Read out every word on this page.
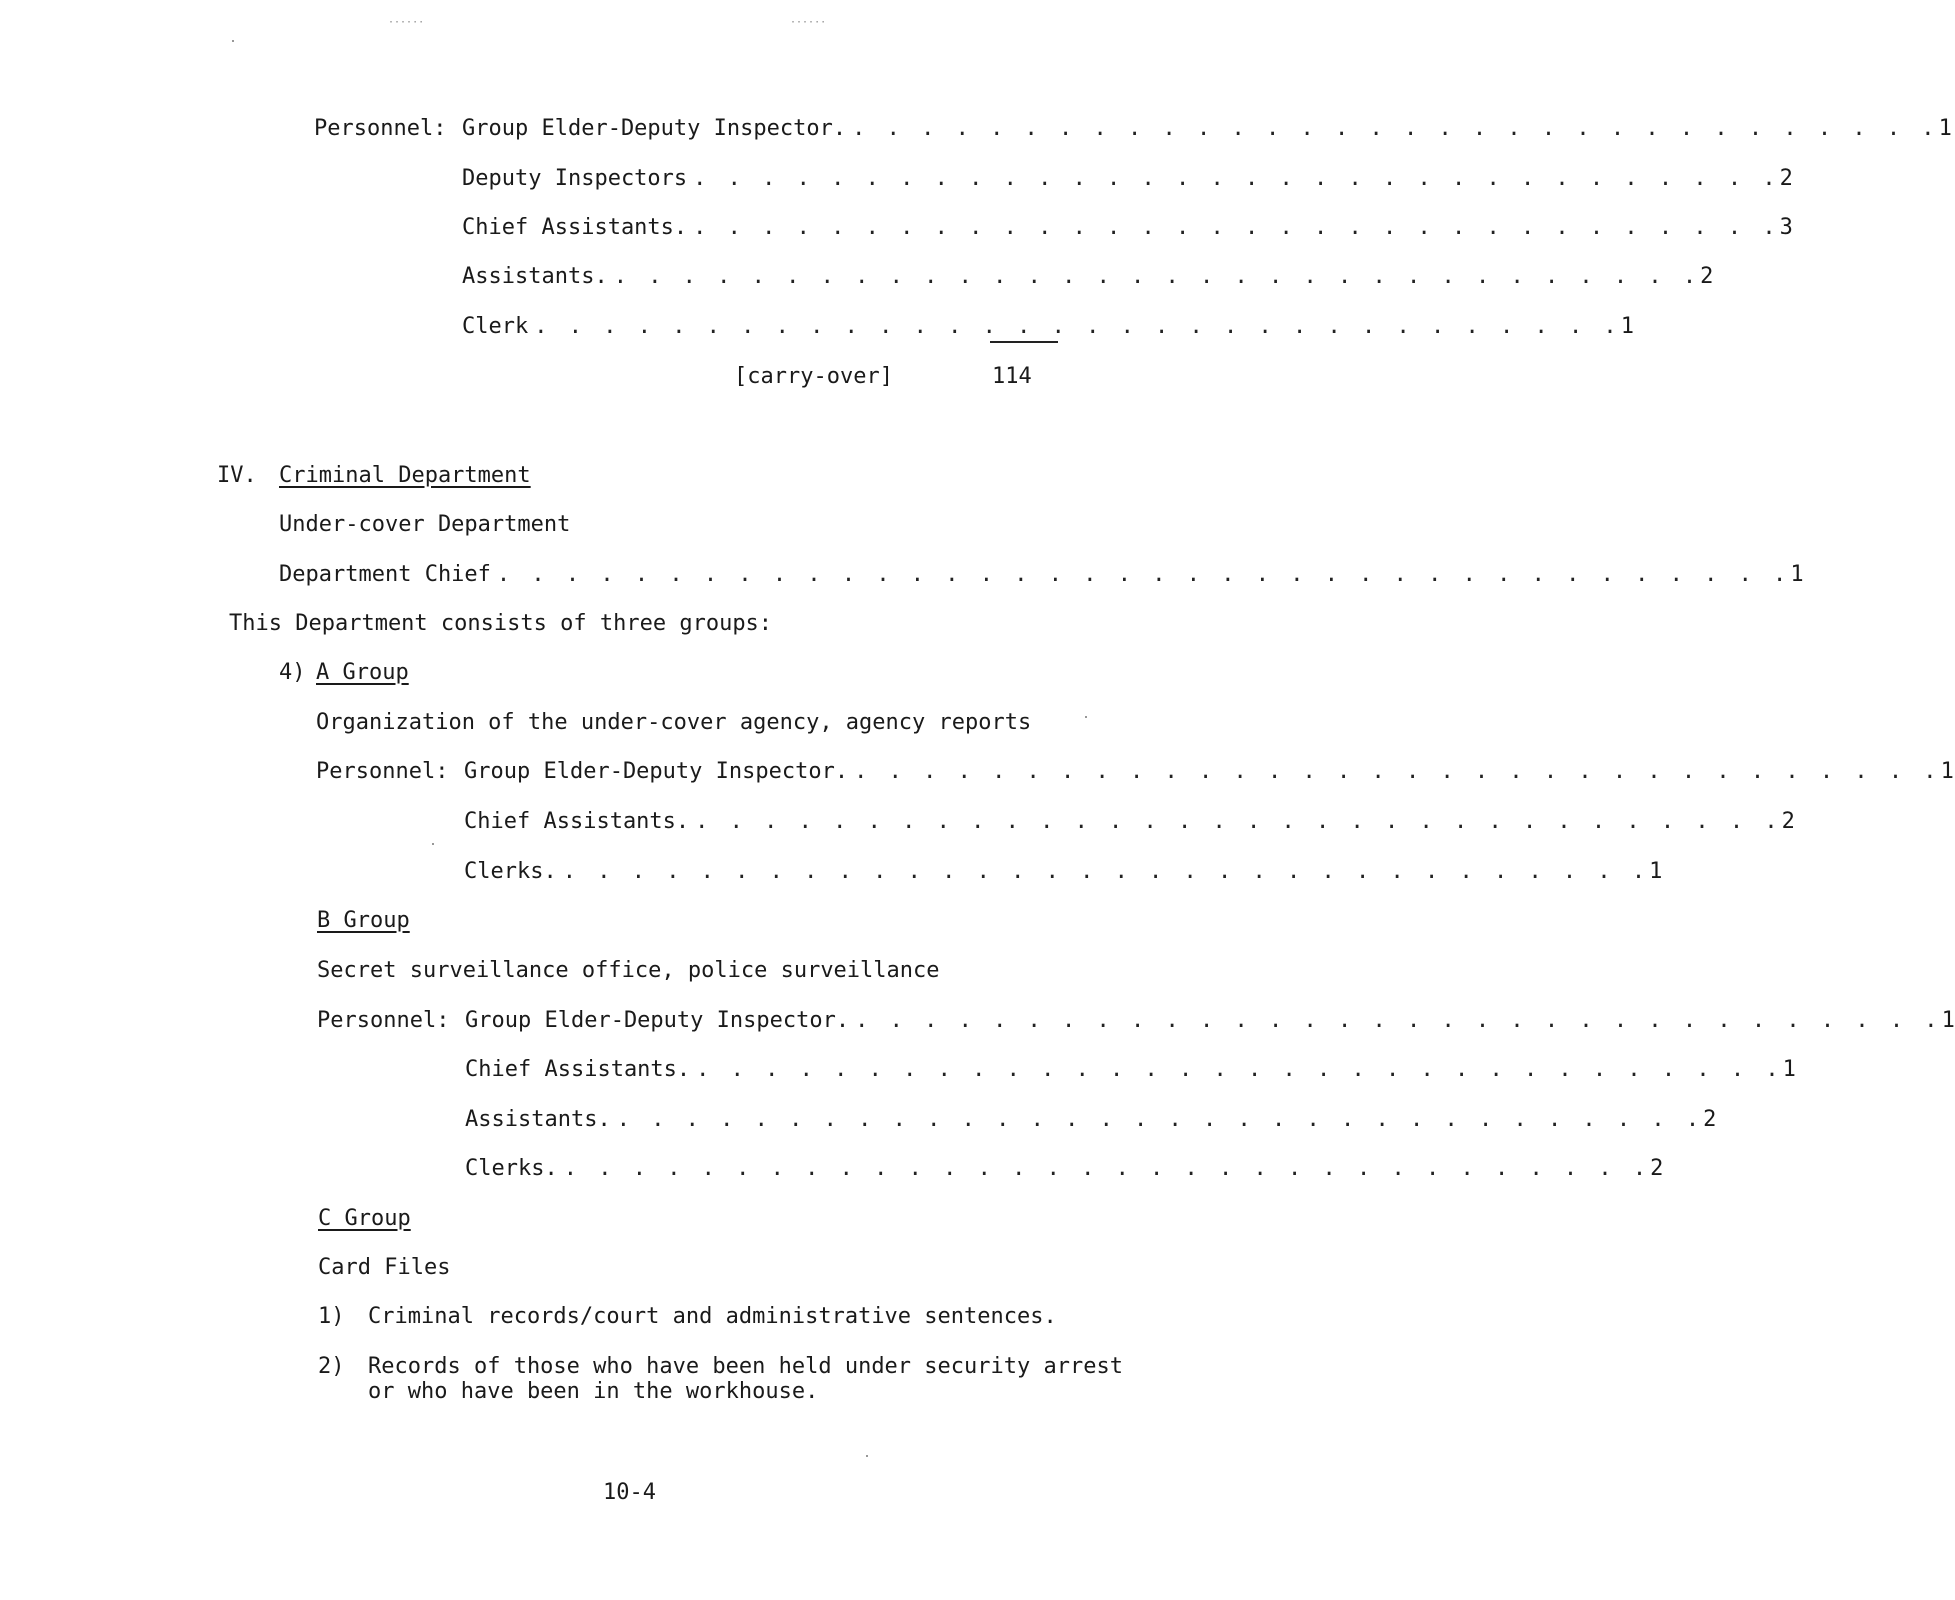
······	······
Personnel: Group Elder-Deputy Inspector. . . . . . . . . . . . . . . . . . . . . . . . . . . . . . . . . 1
Deputy Inspectors . . . . . . . . . . . . . . . . . . . . . . . . . . . . . . . . 2
Chief Assistants. . . . . . . . . . . . . . . . . . . . . . . . . . . . . . . . . 3
Assistants. . . . . . . . . . . . . . . . . . . . . . . . . . . . . . . . . 2
Clerk . . . . . . . . . . . . . . . . . . . . . . . . . . . . . . . . 1
[carry-over]	114
IV. Criminal Department
Under-cover Department
Department Chief . . . . . . . . . . . . . . . . . . . . . . . . . . . . . . . . . . . . . . 1
This Department consists of three groups:
4) A Group
Organization of the under-cover agency, agency reports
Personnel: Group Elder-Deputy Inspector. . . . . . . . . . . . . . . . . . . . . . . . . . . . . . . . . 1
Chief Assistants. . . . . . . . . . . . . . . . . . . . . . . . . . . . . . . . . 2
Clerks. . . . . . . . . . . . . . . . . . . . . . . . . . . . . . . . . 1
B Group
Secret surveillance office, police surveillance
Personnel: Group Elder-Deputy Inspector. . . . . . . . . . . . . . . . . . . . . . . . . . . . . . . . . 1
Chief Assistants. . . . . . . . . . . . . . . . . . . . . . . . . . . . . . . . . 1
Assistants. . . . . . . . . . . . . . . . . . . . . . . . . . . . . . . . . 2
Clerks. . . . . . . . . . . . . . . . . . . . . . . . . . . . . . . . . 2
C Group
Card Files
1) Criminal records/court and administrative sentences.
2) Records of those who have been held under security arrest
or who have been in the workhouse.
10-4
